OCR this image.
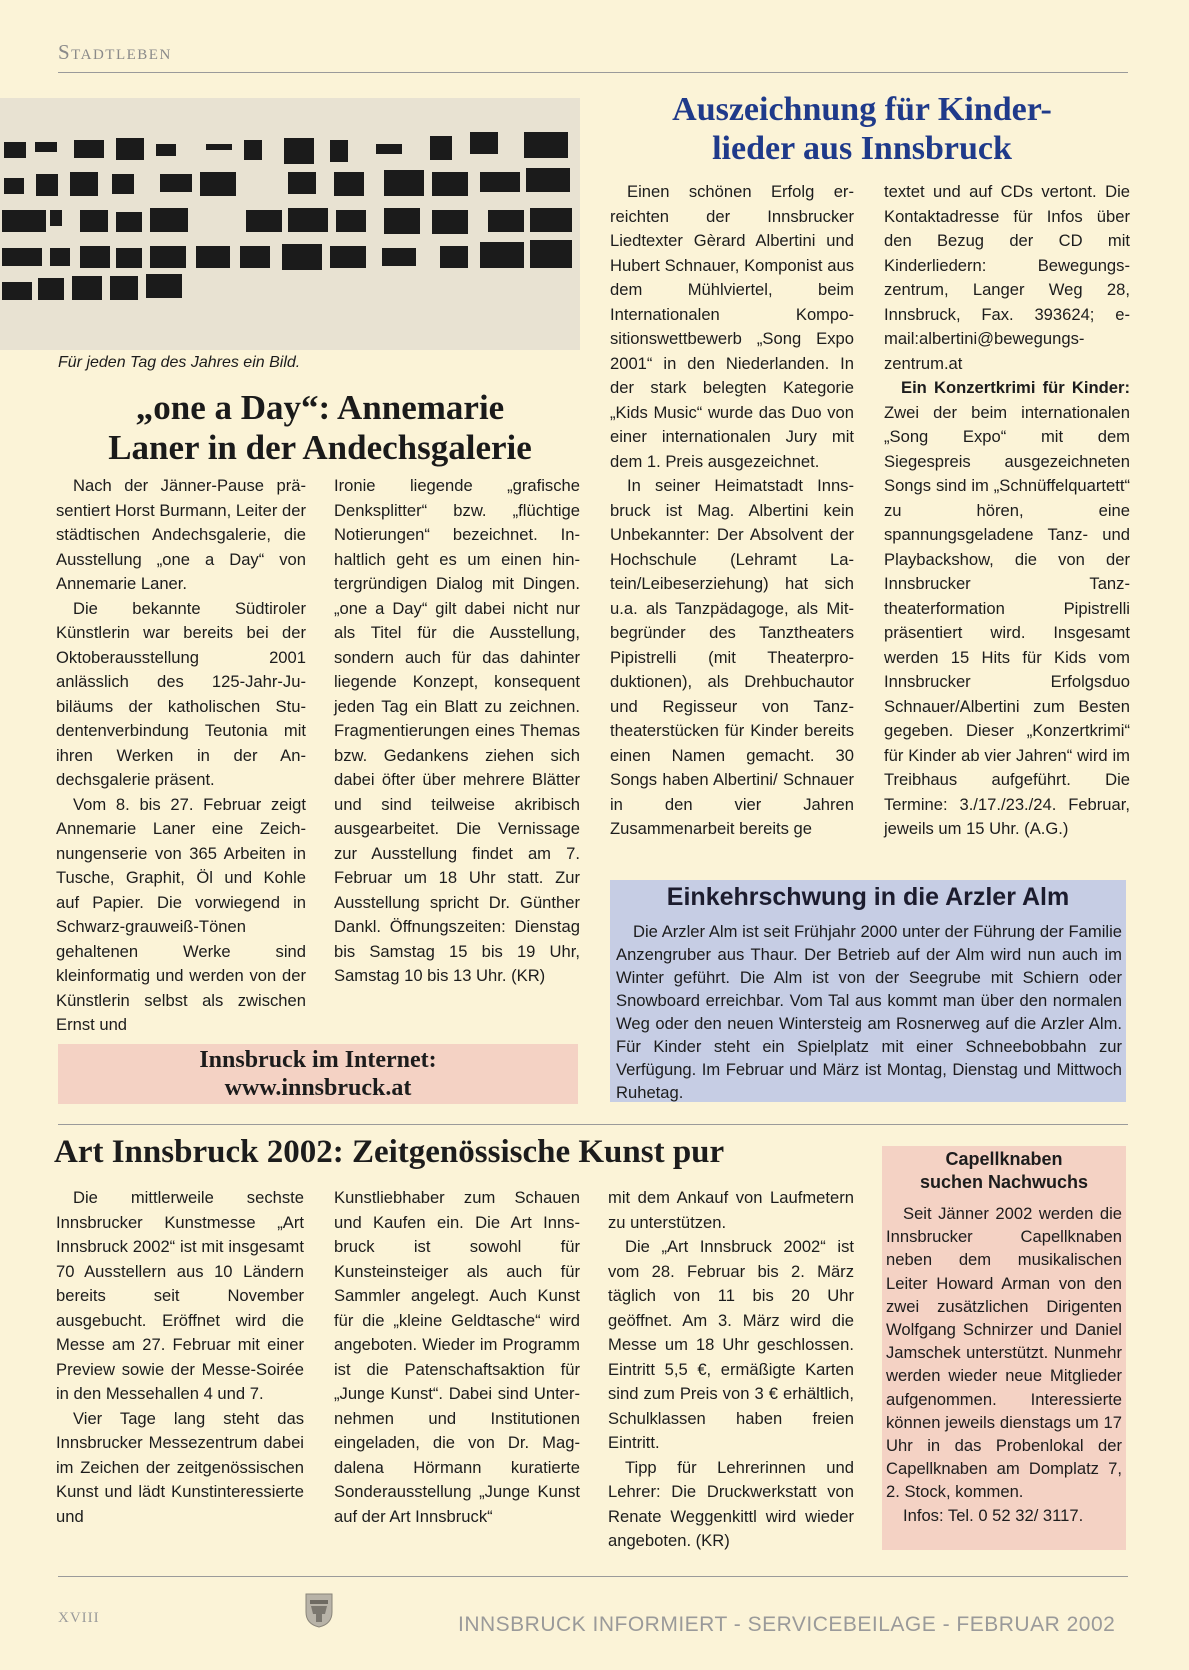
Stadtleben
Für jeden Tag des Jahres ein Bild.
„one a Day“: Annemarie
Laner in der Andechsgalerie

Nach der Jänner-Pause präsentiert Horst Burmann, Leiter der städtischen Andechsgalerie, die Ausstellung „one a Day“ von Annemarie Laner.

Die bekannte Südtiroler Künstlerin war bereits bei der Oktoberausstellung 2001 anlässlich des 125-Jahr-Jubiläums der katholischen Studentenverbindung Teutonia mit ihren Werken in der Andechsgalerie präsent.

Vom 8. bis 27. Februar zeigt Annemarie Laner eine Zeichnungenserie von 365 Arbeiten in Tusche, Graphit, Öl und Kohle auf Papier. Die vorwiegend in Schwarz-grauweiß-Tönen gehaltenen Werke sind kleinformatig und werden von der Künstlerin selbst als zwischen Ernst und

Ironie liegende „grafische Denksplitter“ bzw. „flüchtige Notierungen“ bezeichnet. Inhaltlich geht es um einen hintergründigen Dialog mit Dingen. „one a Day“ gilt dabei nicht nur als Titel für die Ausstellung, sondern auch für das dahinter liegende Konzept, konsequent jeden Tag ein Blatt zu zeichnen. Fragmentierungen eines Themas bzw. Gedankens ziehen sich dabei öfter über mehrere Blätter und sind teilweise akribisch ausgearbeitet. Die Vernissage zur Ausstellung findet am 7. Februar um 18 Uhr statt. Zur Ausstellung spricht Dr. Günther Dankl. Öffnungszeiten: Dienstag bis Samstag 15 bis 19 Uhr, Samstag 10 bis 13 Uhr. (KR)

Innsbruck im Internet:
www.innsbruck.at
Auszeichnung für Kinder-
lieder aus Innsbruck

Einen schönen Erfolg erreichten der Innsbrucker Liedtexter Gèrard Albertini und Hubert Schnauer, Komponist aus dem Mühlviertel, beim Internationalen Kompositionswettbewerb „Song Expo 2001“ in den Niederlanden. In der stark belegten Kategorie „Kids Music“ wurde das Duo von einer internationalen Jury mit dem 1. Preis ausgezeichnet.

In seiner Heimatstadt Innsbruck ist Mag. Albertini kein Unbekannter: Der Absolvent der Hochschule (Lehramt Latein/Leibeserziehung) hat sich u.a. als Tanzpädagoge, als Mitbegründer des Tanztheaters Pipistrelli (mit Theaterproduktionen), als Drehbuchautor und Regisseur von Tanztheaterstücken für Kinder bereits einen Namen gemacht. 30 Songs haben Albertini/ Schnauer in den vier Jahren Zusammenarbeit bereits ge

textet und auf CDs vertont. Die Kontaktadresse für Infos über den Bezug der CD mit Kinderliedern: Bewegungszentrum, Langer Weg 28, Innsbruck, Fax. 393624; e-mail:albertini@bewegungszentrum.at

Ein Konzertkrimi für Kinder: Zwei der beim internationalen „Song Expo“ mit dem Siegespreis ausgezeichneten Songs sind im „Schnüffelquartett“ zu hören, eine spannungsgeladene Tanz- und Playbackshow, die von der Innsbrucker Tanztheaterformation Pipistrelli präsentiert wird. Insgesamt werden 15 Hits für Kids vom Innsbrucker Erfolgsduo Schnauer/Albertini zum Besten gegeben. Dieser „Konzertkrimi“ für Kinder ab vier Jahren“ wird im Treibhaus aufgeführt. Die Termine: 3./17./23./24. Februar, jeweils um 15 Uhr. (A.G.)

Einkehrschwung in die Arzler Alm

Die Arzler Alm ist seit Frühjahr 2000 unter der Führung der Familie Anzengruber aus Thaur. Der Betrieb auf der Alm wird nun auch im Winter geführt. Die Alm ist von der Seegrube mit Schiern oder Snowboard erreichbar. Vom Tal aus kommt man über den normalen Weg oder den neuen Wintersteig am Rosnerweg auf die Arzler Alm. Für Kinder steht ein Spielplatz mit einer Schneebobbahn zur Verfügung. Im Februar und März ist Montag, Dienstag und Mittwoch Ruhetag.

Art Innsbruck 2002: Zeitgenössische Kunst pur

Die mittlerweile sechste Innsbrucker Kunstmesse „Art Innsbruck 2002“ ist mit insgesamt 70 Ausstellern aus 10 Ländern bereits seit November ausgebucht. Eröffnet wird die Messe am 27. Februar mit einer Preview sowie der Messe-Soirée in den Messehallen 4 und 7.

Vier Tage lang steht das Innsbrucker Messezentrum dabei im Zeichen der zeitgenössischen Kunst und lädt Kunstinteressierte und

Kunstliebhaber zum Schauen und Kaufen ein. Die Art Innsbruck ist sowohl für Kunsteinsteiger als auch für Sammler angelegt. Auch Kunst für die „kleine Geldtasche“ wird angeboten. Wieder im Programm ist die Patenschaftsaktion für „Junge Kunst“. Dabei sind Unternehmen und Institutionen eingeladen, die von Dr. Magdalena Hörmann kuratierte Sonderausstellung „Junge Kunst auf der Art Innsbruck“

mit dem Ankauf von Laufmetern zu unterstützen.

Die „Art Innsbruck 2002“ ist vom 28. Februar bis 2. März täglich von 11 bis 20 Uhr geöffnet. Am 3. März wird die Messe um 18 Uhr geschlossen. Eintritt 5,5 €, ermäßigte Karten sind zum Preis von 3 € erhältlich, Schulklassen haben freien Eintritt.

Tipp für Lehrerinnen und Lehrer: Die Druckwerkstatt von Renate Weggenkittl wird wieder angeboten. (KR)

Capellknaben
suchen Nachwuchs

Seit Jänner 2002 werden die Innsbrucker Capellknaben neben dem musikalischen Leiter Howard Arman von den zwei zusätzlichen Dirigenten Wolfgang Schnirzer und Daniel Jamschek unterstützt. Nunmehr werden wieder neue Mitglieder aufgenommen. Interessierte können jeweils dienstags um 17 Uhr in das Probenlokal der Capellknaben am Domplatz 7, 2. Stock, kommen.

Infos: Tel. 0 52 32/ 3117.

XVIII	INNSBRUCK INFORMIERT - SERVICEBEILAGE - FEBRUAR 2002
